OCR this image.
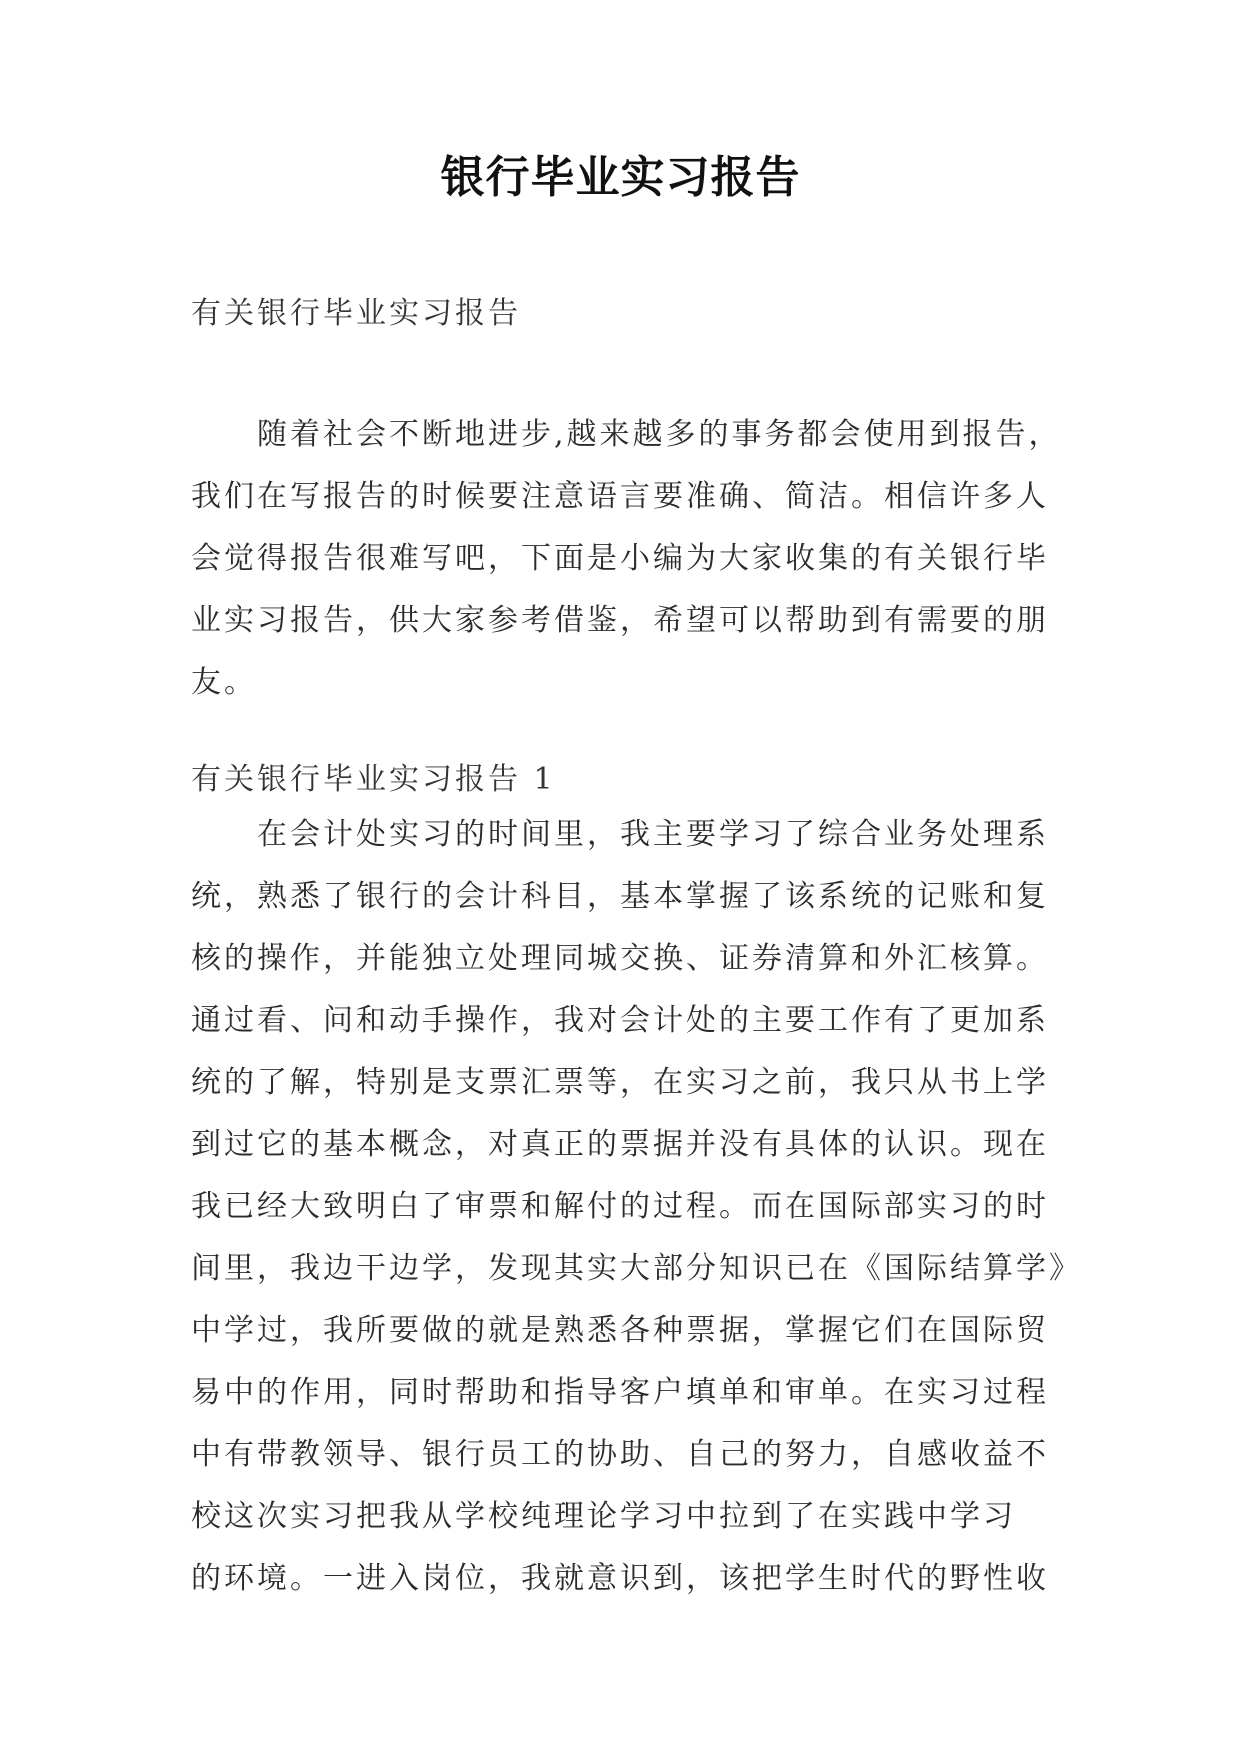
银行毕业实习报告
有关银行毕业实习报告
随着社会不断地进步,越来越多的事务都会使用到报告，
我们在写报告的时候要注意语言要准确、简洁。相信许多人
会觉得报告很难写吧，下面是小编为大家收集的有关银行毕
业实习报告，供大家参考借鉴，希望可以帮助到有需要的朋
友。
有关银行毕业实习报告 1
在会计处实习的时间里，我主要学习了综合业务处理系
统，熟悉了银行的会计科目，基本掌握了该系统的记账和复
核的操作，并能独立处理同城交换、证券清算和外汇核算。
通过看、问和动手操作，我对会计处的主要工作有了更加系
统的了解，特别是支票汇票等，在实习之前，我只从书上学
到过它的基本概念，对真正的票据并没有具体的认识。现在
我已经大致明白了审票和解付的过程。而在国际部实习的时
间里，我边干边学，发现其实大部分知识已在《国际结算学》
中学过，我所要做的就是熟悉各种票据，掌握它们在国际贸
易中的作用，同时帮助和指导客户填单和审单。在实习过程
中有带教领导、银行员工的协助、自己的努力，自感收益不
校这次实习把我从学校纯理论学习中拉到了在实践中学习
的环境。一进入岗位，我就意识到，该把学生时代的野性收
